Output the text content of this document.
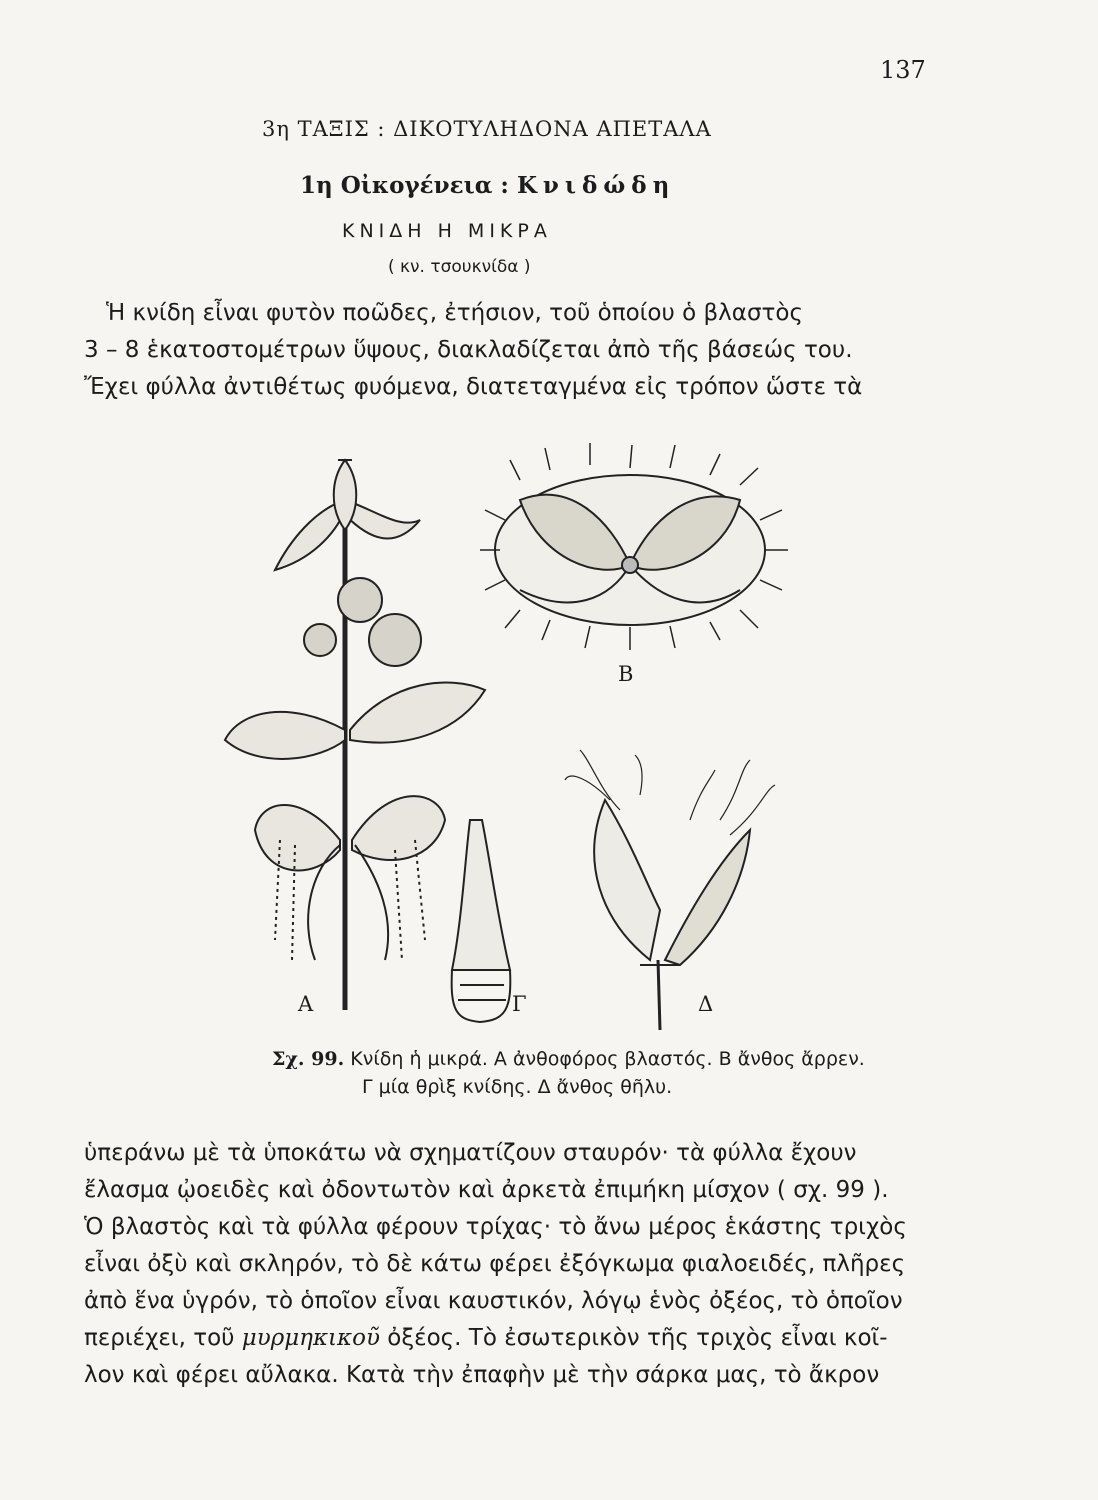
137
3η ΤΑΞΙΣ : ΔΙΚΟΤΥΛΗΔΟΝΑ ΑΠΕΤΑΛΑ
1η Οἰκογένεια : Κνιδώδη
ΚΝΙΔΗ Η ΜΙΚΡΑ
( κν. τσουκνίδα )
Ἡ κνίδη εἶναι φυτὸν ποῶδες, ἐτήσιον, τοῦ ὁποίου ὁ βλαστὸς
3 – 8 ἑκατοστομέτρων ὕψους, διακλαδίζεται ἀπὸ τῆς βάσεώς του.
Ἔχει φύλλα ἀντιθέτως φυόμενα, διατεταγμένα εἰς τρόπον ὥστε τὰ
Α
Β
Γ	Δ
Σχ. 99. Κνίδη ἡ μικρά. Α ἀνθοφόρος βλαστός. Β ἄνθος ἄρρεν.
Γ μία θρὶξ κνίδης. Δ ἄνθος θῆλυ.
ὑπεράνω μὲ τὰ ὑποκάτω νὰ σχηματίζουν σταυρόν· τὰ φύλλα ἔχουν
ἔλασμα ᾠοειδὲς καὶ ὀδοντωτὸν καὶ ἀρκετὰ ἐπιμήκη μίσχον ( σχ. 99 ).
Ὁ βλαστὸς καὶ τὰ φύλλα φέρουν τρίχας· τὸ ἄνω μέρος ἑκάστης τριχὸς
εἶναι ὀξὺ καὶ σκληρόν, τὸ δὲ κάτω φέρει ἐξόγκωμα φιαλοειδές, πλῆρες
ἀπὸ ἕνα ὑγρόν, τὸ ὁποῖον εἶναι καυστικόν, λόγῳ ἑνὸς ὀξέος, τὸ ὁποῖον
περιέχει, τοῦ μυρμηκικοῦ ὀξέος. Τὸ ἐσωτερικὸν τῆς τριχὸς εἶναι κοῖ-
λον καὶ φέρει αὔλακα. Κατὰ τὴν ἐπαφὴν μὲ τὴν σάρκα μας, τὸ ἄκρον
